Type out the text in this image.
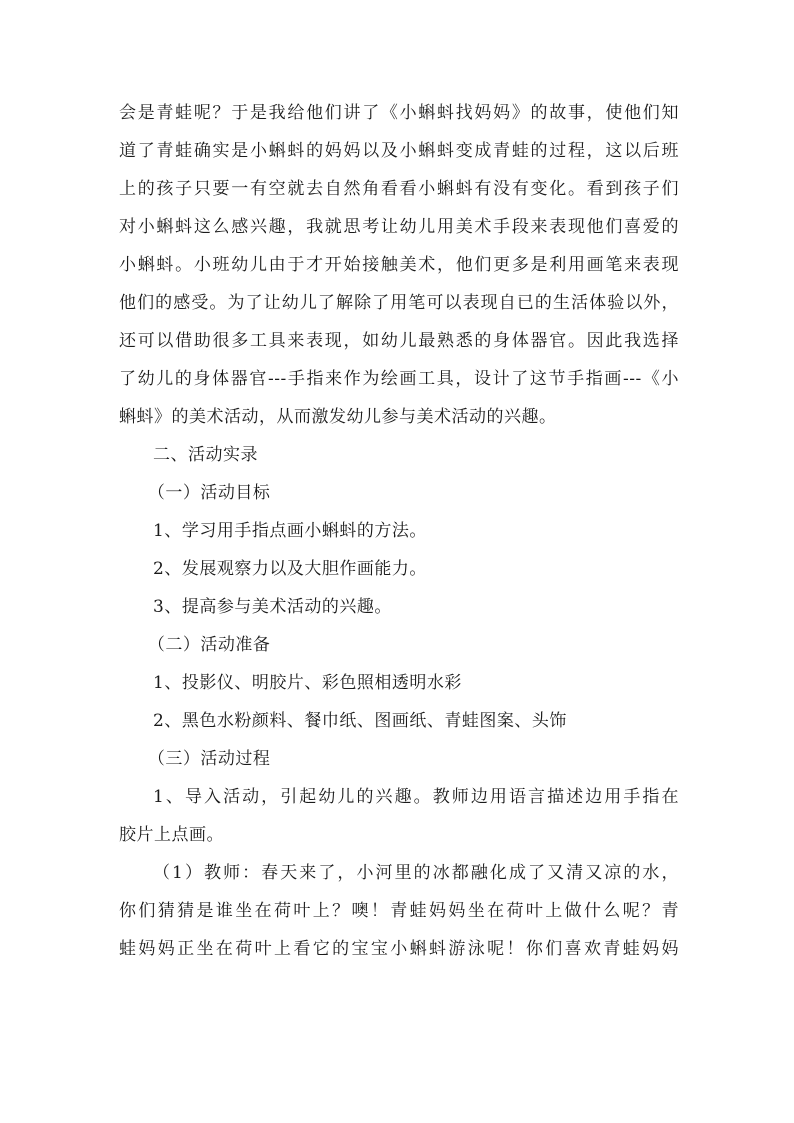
会是青蛙呢？于是我给他们讲了《小蝌蚪找妈妈》的故事，使他们知
道了青蛙确实是小蝌蚪的妈妈以及小蝌蚪变成青蛙的过程，这以后班
上的孩子只要一有空就去自然角看看小蝌蚪有没有变化。看到孩子们
对小蝌蚪这么感兴趣，我就思考让幼儿用美术手段来表现他们喜爱的
小蝌蚪。小班幼儿由于才开始接触美术，他们更多是利用画笔来表现
他们的感受。为了让幼儿了解除了用笔可以表现自已的生活体验以外，
还可以借助很多工具来表现，如幼儿最熟悉的身体器官。因此我选择
了幼儿的身体器官---手指来作为绘画工具，设计了这节手指画---《小
蝌蚪》的美术活动，从而激发幼儿参与美术活动的兴趣。

二、活动实录

（一）活动目标

1、学习用手指点画小蝌蚪的方法。

2、发展观察力以及大胆作画能力。

3、提高参与美术活动的兴趣。

（二）活动准备

1、投影仪、明胶片、彩色照相透明水彩

2、黑色水粉颜料、餐巾纸、图画纸、青蛙图案、头饰

（三）活动过程

1、导入活动，引起幼儿的兴趣。教师边用语言描述边用手指在
胶片上点画。

（1）教师：春天来了，小河里的冰都融化成了又清又凉的水，
你们猜猜是谁坐在荷叶上？噢！青蛙妈妈坐在荷叶上做什么呢？青
蛙妈妈正坐在荷叶上看它的宝宝小蝌蚪游泳呢！你们喜欢青蛙妈妈
